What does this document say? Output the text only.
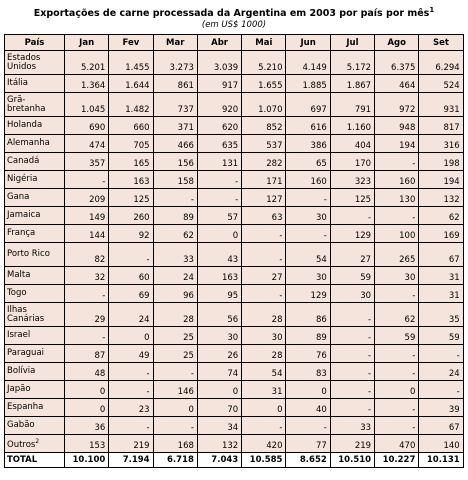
Exportações de carne processada da Argentina em 2003 por país por mês$^1$
(em US$ 1000)
País	Jan	Fev	Mar	Abr	Mai	Jun	Jul	Ago	Set
Estados Unidos	5.201	1.455	3.273	3.039	5.210	4.149	5.172	6.375	6.294
Itália	1.364	1.644	861	917	1.655	1.885	1.867	464	524
Grã-bretanha	1.045	1.482	737	920	1.070	697	791	972	931
Holanda	690	660	371	620	852	616	1.160	948	817
Alemanha	474	705	466	635	537	386	404	194	316
Canadá	357	165	156	131	282	65	170	-	198
Nigéria	-	163	158	-	171	160	323	160	194
Gana	209	125	-	-	127	-	125	130	132
Jamaica	149	260	89	57	63	30	-	-	62
França	144	92	62	0	-	-	129	100	169
Porto Rico	82	-	33	43	-	54	27	265	67
Malta	32	60	24	163	27	30	59	30	31
Togo	-	69	96	95	-	129	30	-	31
Ilhas Canárias	29	24	28	56	28	86	-	62	35
Israel	-	0	25	30	30	89	-	59	59
Paraguai	87	49	25	26	28	76	-	-	-
Bolívia	48	-	-	74	54	83	-	-	24
Japão	0	-	146	0	31	0	-	0	-
Espanha	0	23	0	70	0	40	-	-	39
Gabão	36	-	-	34	-	-	33	-	67
Outros$^2$	153	219	168	132	420	77	219	470	140
TOTAL	10.100	7.194	6.718	7.043	10.585	8.652	10.510	10.227	10.131
